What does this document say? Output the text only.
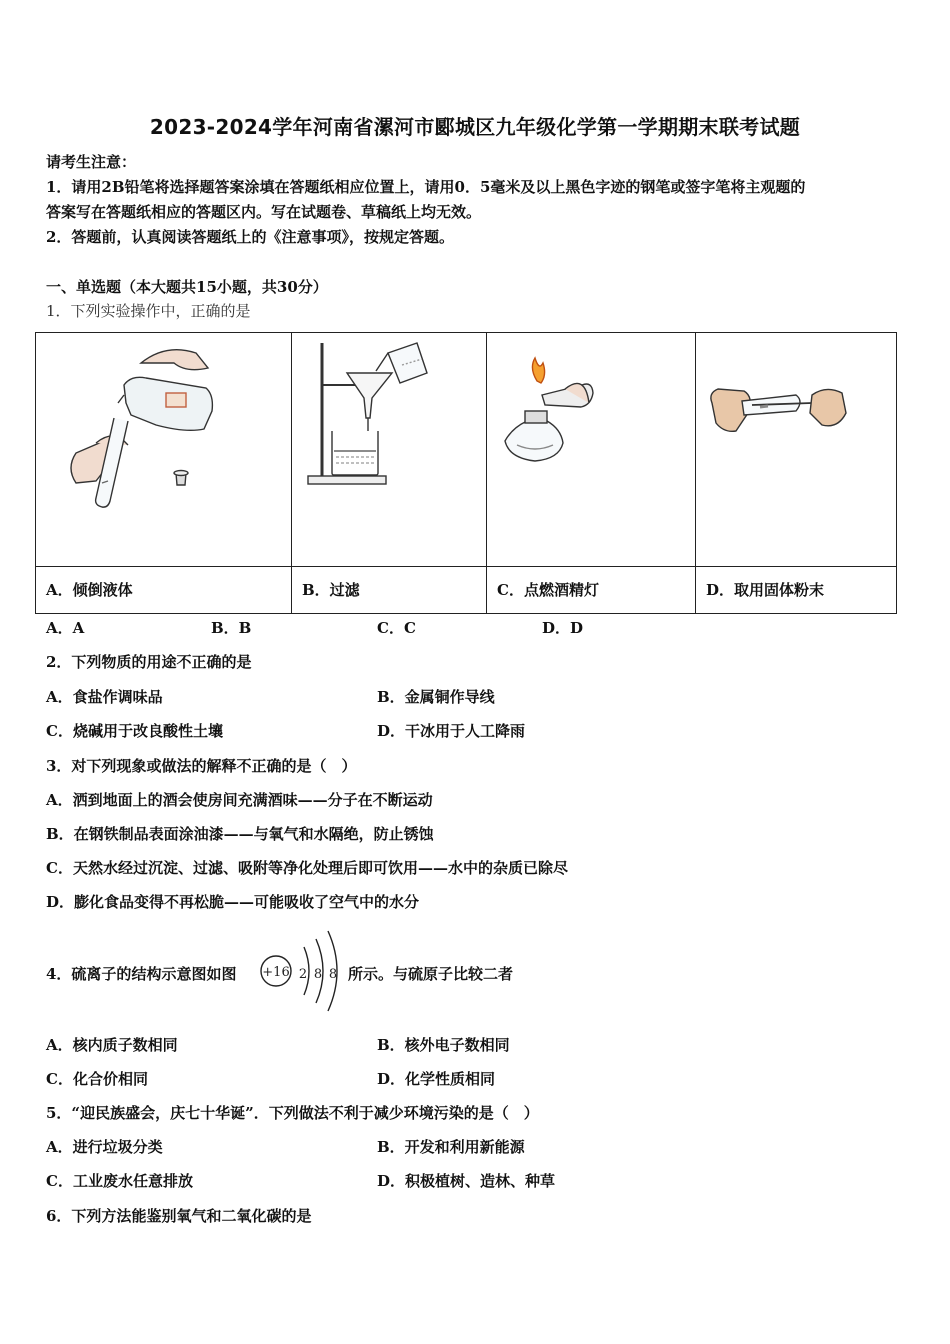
2023-2024学年河南省漯河市郾城区九年级化学第一学期期末联考试题
请考生注意：
1．请用2B铅笔将选择题答案涂填在答题纸相应位置上，请用0．5毫米及以上黑色字迹的钢笔或签字笔将主观题的
答案写在答题纸相应的答题区内。写在试题卷、草稿纸上均无效。
2．答题前，认真阅读答题纸上的《注意事项》，按规定答题。
一、单选题（本大题共15小题，共30分）
1．下列实验操作中，正确的是

A．倾倒液体	B．过滤	C．点燃酒精灯	D．取用固体粉末
A．A	B．B	C．C	D．D
2．下列物质的用途不正确的是
A．食盐作调味品	B．金属铜作导线
C．烧碱用于改良酸性土壤	D．干冰用于人工降雨
3．对下列现象或做法的解释不正确的是（　）
A．洒到地面上的酒会使房间充满酒味——分子在不断运动
B．在钢铁制品表面涂油漆——与氧气和水隔绝，防止锈蚀
C．天然水经过沉淀、过滤、吸附等净化处理后即可饮用——水中的杂质已除尽
D．膨化食品变得不再松脆——可能吸收了空气中的水分
4．硫离子的结构示意图如图 +16 2 8 8 所示。与硫原子比较二者
A．核内质子数相同	B．核外电子数相同
C．化合价相同	D．化学性质相同
5．“迎民族盛会，庆七十华诞”．下列做法不利于减少环境污染的是（　）
A．进行垃圾分类	B．开发和利用新能源
C．工业废水任意排放	D．积极植树、造林、种草
6．下列方法能鉴别氧气和二氧化碳的是
